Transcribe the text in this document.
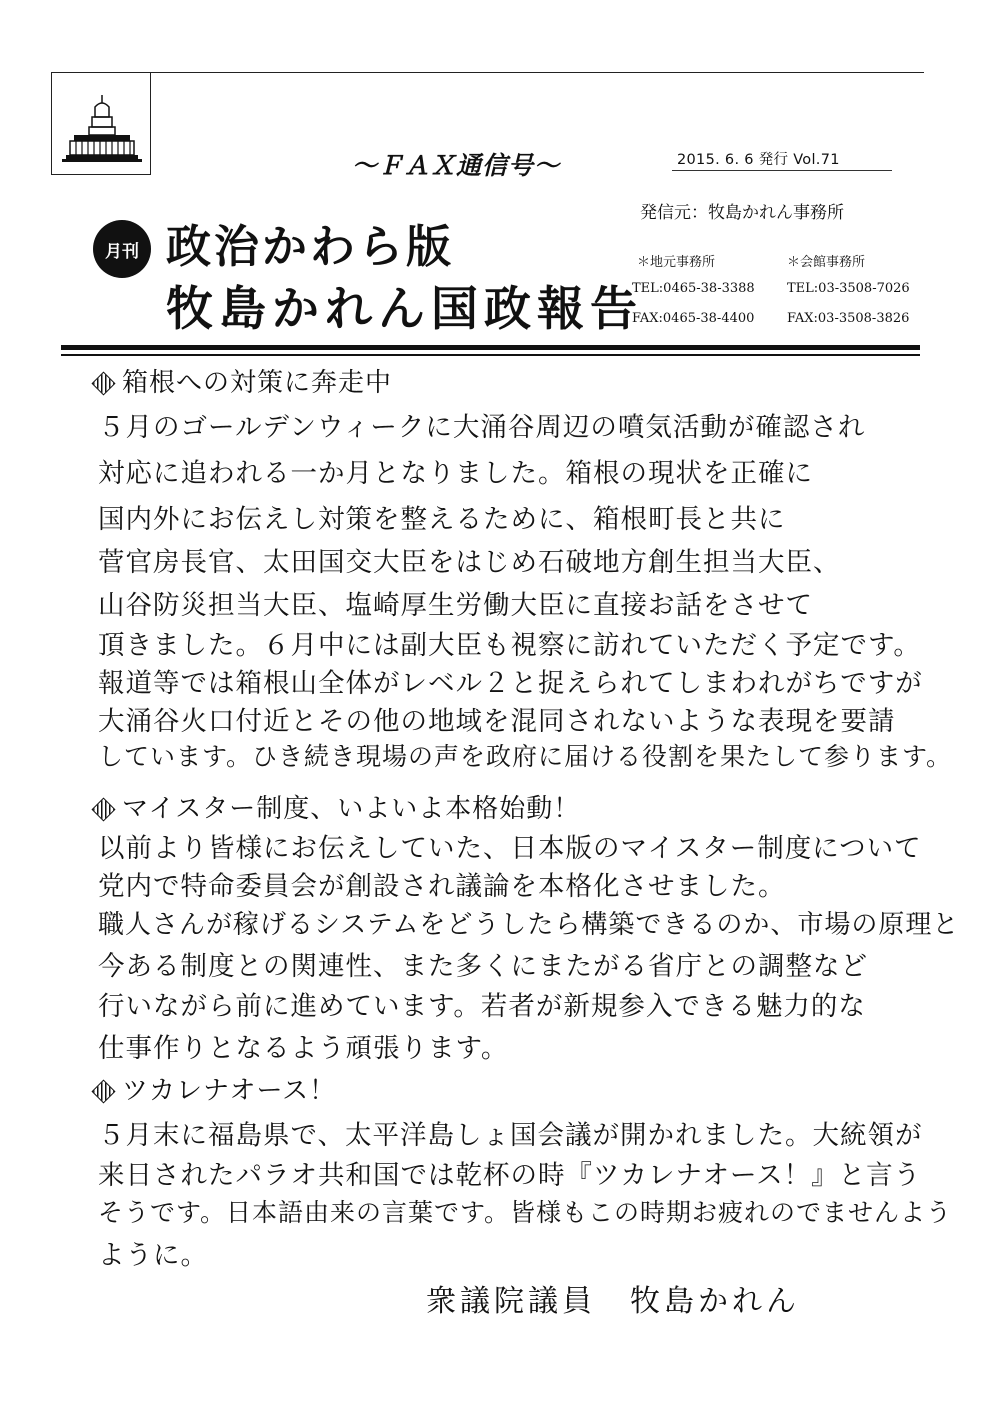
～ＦＡＸ通信号～	2015. 6. 6 発行 Vol.71
発信元：牧島かれん事務所
月刊 政治かわら版
牧島かれん国政報告
＊地元事務所
TEL:0465-38-3388
FAX:0465-38-4400
＊会館事務所
TEL:03-3508-7026
FAX:03-3508-3826
箱根への対策に奔走中
５月のゴールデンウィークに大涌谷周辺の噴気活動が確認され
対応に追われる一か月となりました。箱根の現状を正確に
国内外にお伝えし対策を整えるために、箱根町長と共に
菅官房長官、太田国交大臣をはじめ石破地方創生担当大臣、
山谷防災担当大臣、塩崎厚生労働大臣に直接お話をさせて
頂きました。６月中には副大臣も視察に訪れていただく予定です。
報道等では箱根山全体がレベル２と捉えられてしまわれがちですが
大涌谷火口付近とその他の地域を混同されないような表現を要請
しています。ひき続き現場の声を政府に届ける役割を果たして参ります。
マイスター制度、いよいよ本格始動！
以前より皆様にお伝えしていた、日本版のマイスター制度について
党内で特命委員会が創設され議論を本格化させました。
職人さんが稼げるシステムをどうしたら構築できるのか、市場の原理と
今ある制度との関連性、また多くにまたがる省庁との調整など
行いながら前に進めています。若者が新規参入できる魅力的な
仕事作りとなるよう頑張ります。
ツカレナオース！
５月末に福島県で、太平洋島しょ国会議が開かれました。大統領が
来日されたパラオ共和国では乾杯の時『ツカレナオース！』と言う
そうです。日本語由来の言葉です。皆様もこの時期お疲れのでませんよう
ように。
衆議院議員　牧島かれん
